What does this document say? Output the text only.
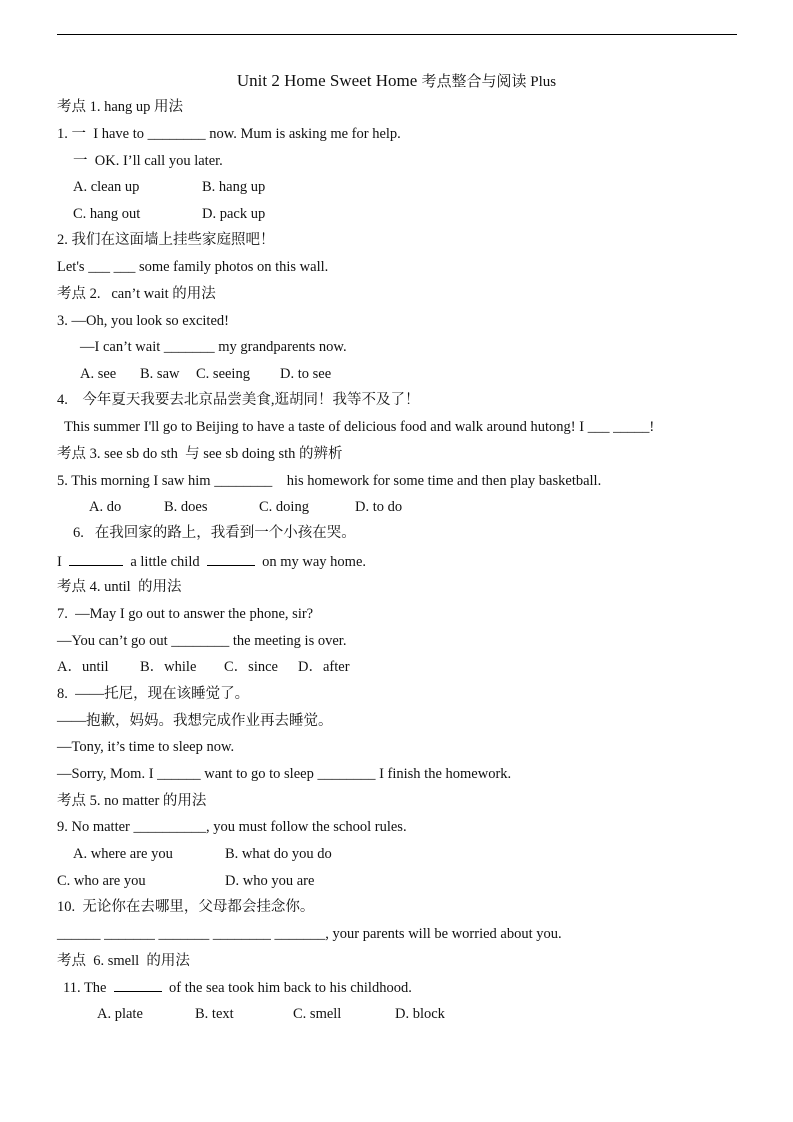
Unit 2 Home Sweet Home 考点整合与阅读 Plus
考点 1. hang up 用法
1. 一  I have to ________ now. Mum is asking me for help.
一  OK. I’ll call you later.
A. clean up	B. hang up
C. hang out	D. pack up
2. 我们在这面墙上挂些家庭照吧！
Let's ___ ___ some family photos on this wall.
考点 2.   can’t wait 的用法
3. —Oh, you look so excited!
—I can’t wait _______ my grandparents now.
A. see B. saw C. seeing D. to see
4.    今年夏天我要去北京品尝美食,逛胡同！我等不及了！
This summer I'll go to Beijing to have a taste of delicious food and walk around hutong! I ___ _____!
考点 3. see sb do sth  与 see sb doing sth 的辨析
5. This morning I saw him ________    his homework for some time and then play basketball.
A. do	B. does	C. doing	D. to do
6.   在我回家的路上，我看到一个小孩在哭。
I	a little child	on my way home.
考点 4. until  的用法
7.  —May I go out to answer the phone, sir?
—You can’t go out ________ the meeting is over.
A．until B．while C．since D．after
8.  ——托尼，现在该睡觉了。
——抱歉，妈妈。我想完成作业再去睡觉。
—Tony, it’s time to sleep now.
—Sorry, Mom. I ______ want to go to sleep ________ I finish the homework.
考点 5. no matter 的用法
9. No matter __________, you must follow the school rules.
A. where are you	B. what do you do
C. who are you	D. who you are
10.  无论你在去哪里，父母都会挂念你。
______ _______ _______ ________ _______, your parents will be worried about you.
考点  6. smell  的用法
11. The	of the sea took him back to his childhood.
A. plate	B. text	C. smell	D. block
